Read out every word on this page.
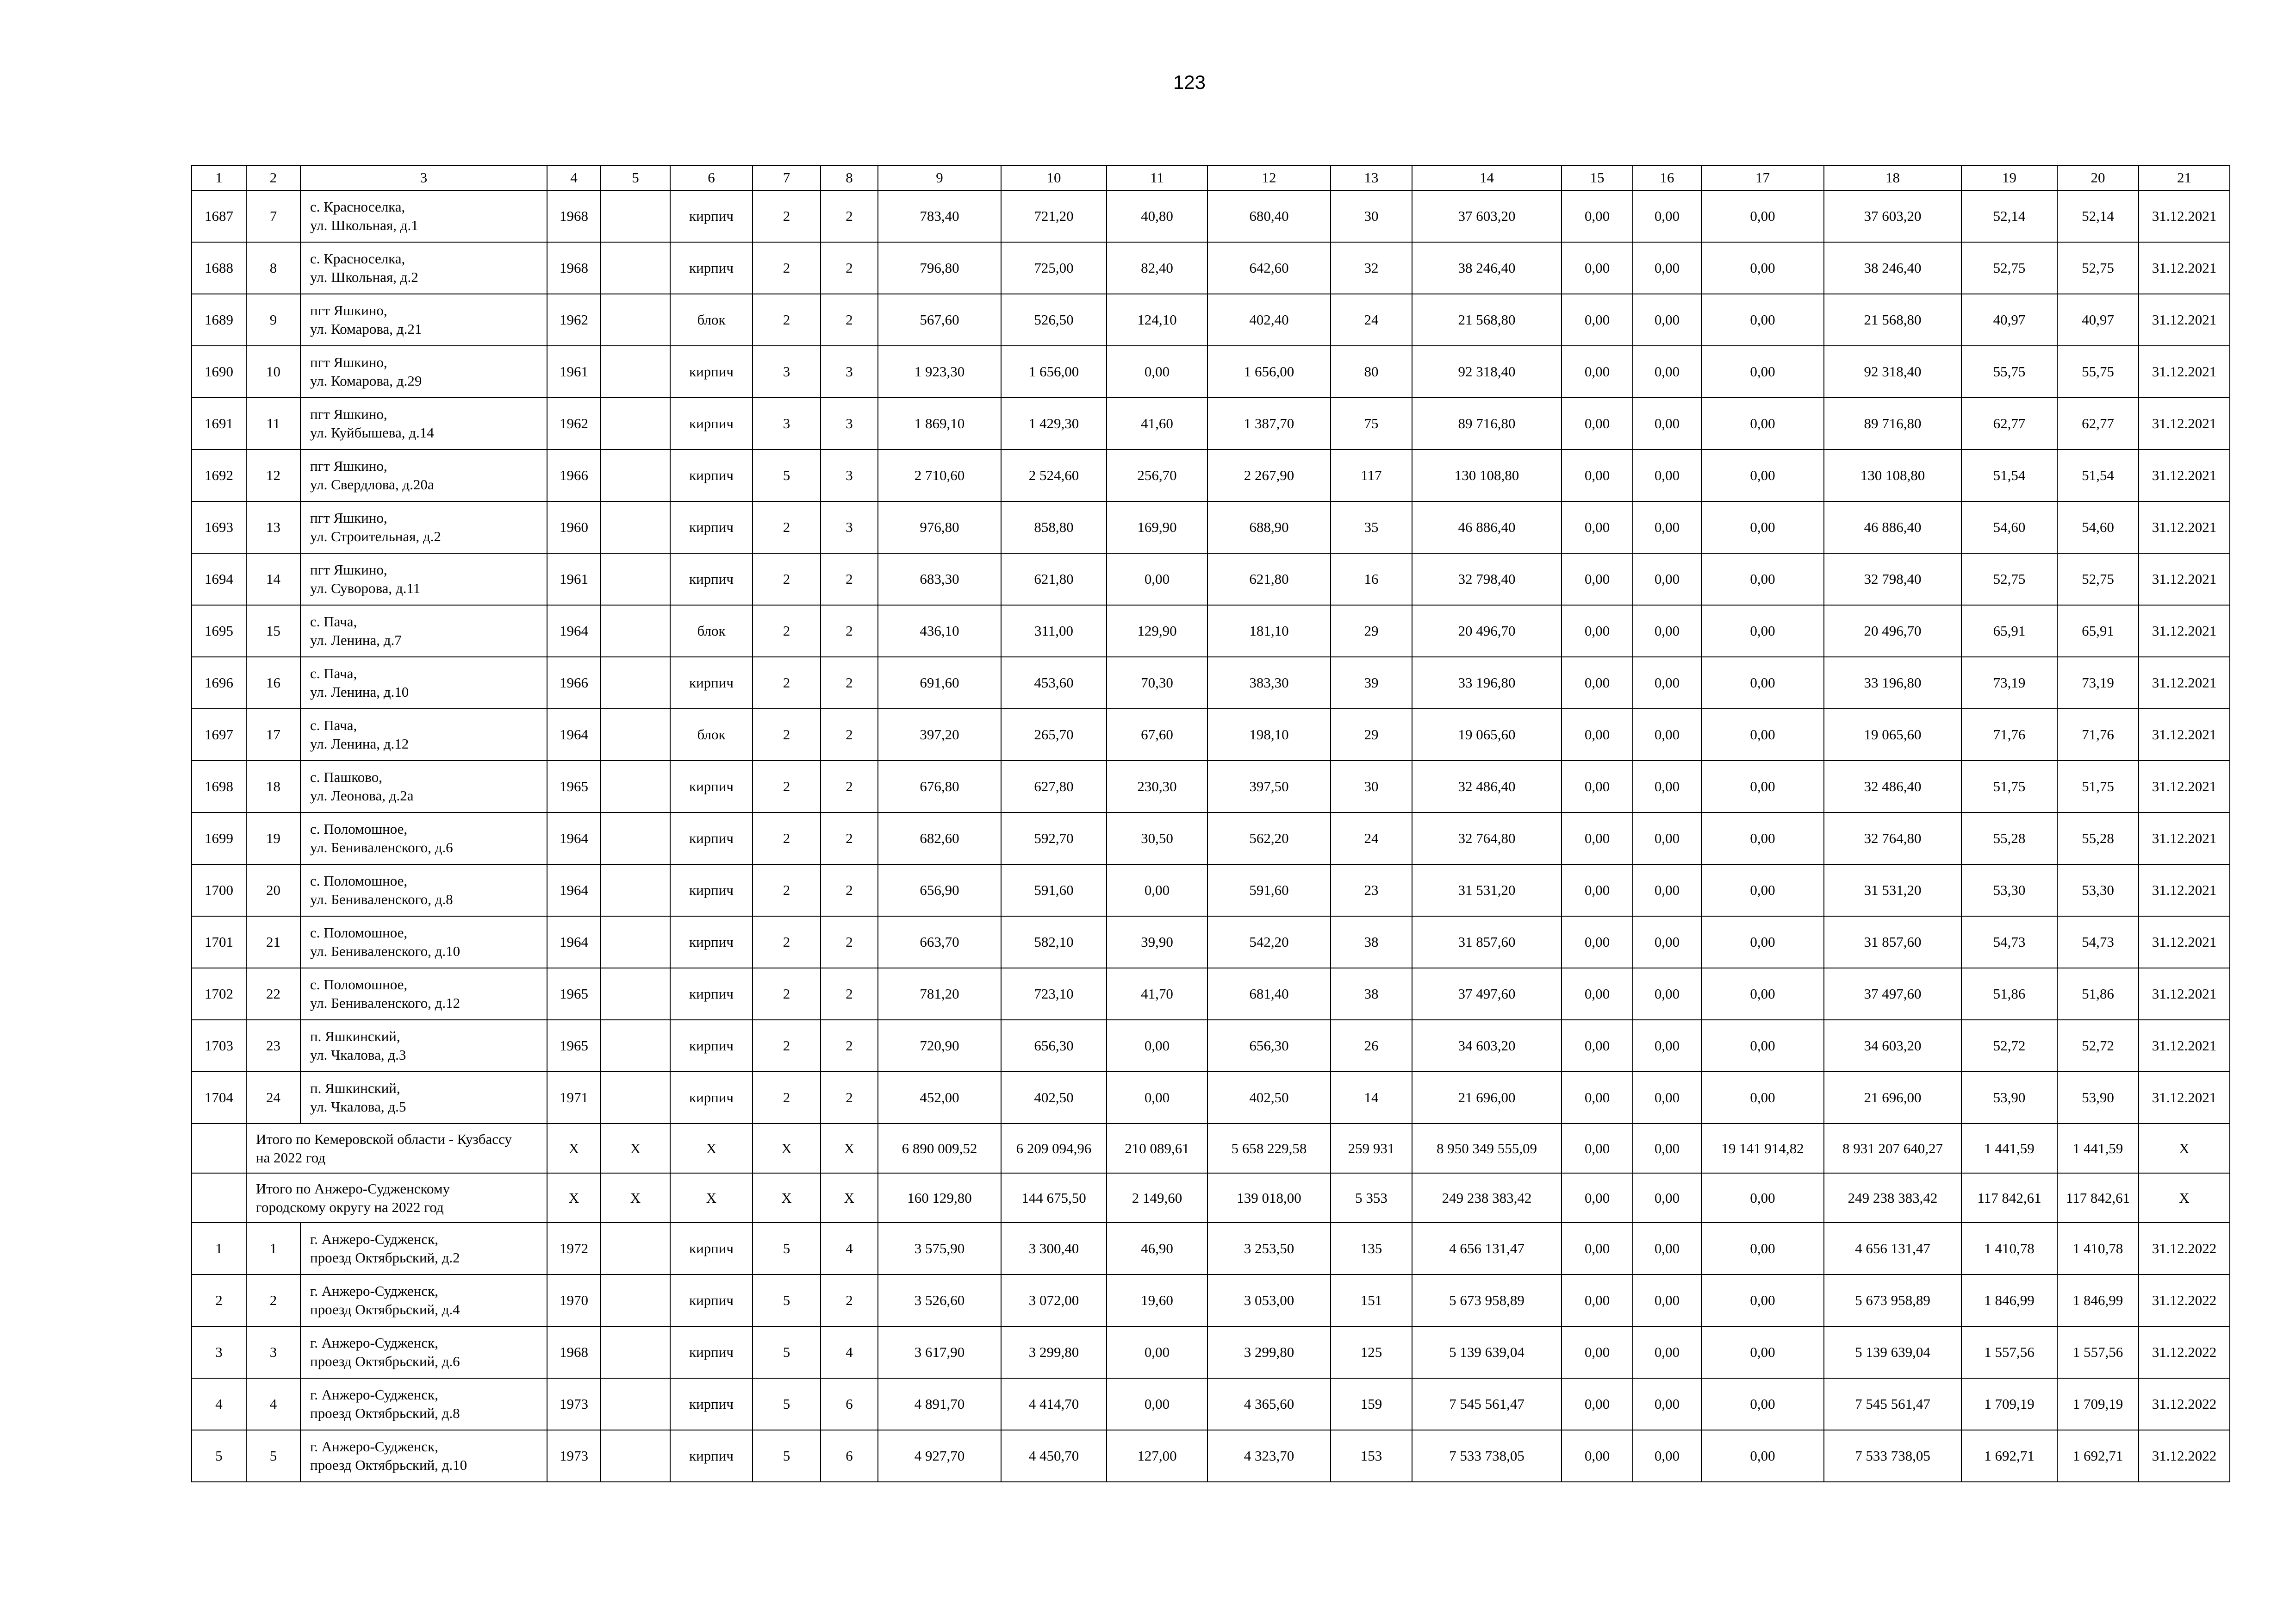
123
1	2	3	4	5	6	7	8	9	10	11	12	13	14	15	16	17	18	19	20	21
1687	7	с. Красноселка,
ул. Школьная, д.1	1968		кирпич	2	2	783,40	721,20	40,80	680,40	30	37 603,20	0,00	0,00	0,00	37 603,20	52,14	52,14	31.12.2021
1688	8	с. Красноселка,
ул. Школьная, д.2	1968		кирпич	2	2	796,80	725,00	82,40	642,60	32	38 246,40	0,00	0,00	0,00	38 246,40	52,75	52,75	31.12.2021
1689	9	пгт Яшкино,
ул. Комарова, д.21	1962		блок	2	2	567,60	526,50	124,10	402,40	24	21 568,80	0,00	0,00	0,00	21 568,80	40,97	40,97	31.12.2021
1690	10	пгт Яшкино,
ул. Комарова, д.29	1961		кирпич	3	3	1 923,30	1 656,00	0,00	1 656,00	80	92 318,40	0,00	0,00	0,00	92 318,40	55,75	55,75	31.12.2021
1691	11	пгт Яшкино,
ул. Куйбышева, д.14	1962		кирпич	3	3	1 869,10	1 429,30	41,60	1 387,70	75	89 716,80	0,00	0,00	0,00	89 716,80	62,77	62,77	31.12.2021
1692	12	пгт Яшкино,
ул. Свердлова, д.20а	1966		кирпич	5	3	2 710,60	2 524,60	256,70	2 267,90	117	130 108,80	0,00	0,00	0,00	130 108,80	51,54	51,54	31.12.2021
1693	13	пгт Яшкино,
ул. Строительная, д.2	1960		кирпич	2	3	976,80	858,80	169,90	688,90	35	46 886,40	0,00	0,00	0,00	46 886,40	54,60	54,60	31.12.2021
1694	14	пгт Яшкино,
ул. Суворова, д.11	1961		кирпич	2	2	683,30	621,80	0,00	621,80	16	32 798,40	0,00	0,00	0,00	32 798,40	52,75	52,75	31.12.2021
1695	15	с. Пача,
ул. Ленина, д.7	1964		блок	2	2	436,10	311,00	129,90	181,10	29	20 496,70	0,00	0,00	0,00	20 496,70	65,91	65,91	31.12.2021
1696	16	с. Пача,
ул. Ленина, д.10	1966		кирпич	2	2	691,60	453,60	70,30	383,30	39	33 196,80	0,00	0,00	0,00	33 196,80	73,19	73,19	31.12.2021
1697	17	с. Пача,
ул. Ленина, д.12	1964		блок	2	2	397,20	265,70	67,60	198,10	29	19 065,60	0,00	0,00	0,00	19 065,60	71,76	71,76	31.12.2021
1698	18	с. Пашково,
ул. Леонова, д.2а	1965		кирпич	2	2	676,80	627,80	230,30	397,50	30	32 486,40	0,00	0,00	0,00	32 486,40	51,75	51,75	31.12.2021
1699	19	с. Поломошное,
ул. Бениваленского, д.6	1964		кирпич	2	2	682,60	592,70	30,50	562,20	24	32 764,80	0,00	0,00	0,00	32 764,80	55,28	55,28	31.12.2021
1700	20	с. Поломошное,
ул. Бениваленского, д.8	1964		кирпич	2	2	656,90	591,60	0,00	591,60	23	31 531,20	0,00	0,00	0,00	31 531,20	53,30	53,30	31.12.2021
1701	21	с. Поломошное,
ул. Бениваленского, д.10	1964		кирпич	2	2	663,70	582,10	39,90	542,20	38	31 857,60	0,00	0,00	0,00	31 857,60	54,73	54,73	31.12.2021
1702	22	с. Поломошное,
ул. Бениваленского, д.12	1965		кирпич	2	2	781,20	723,10	41,70	681,40	38	37 497,60	0,00	0,00	0,00	37 497,60	51,86	51,86	31.12.2021
1703	23	п. Яшкинский,
ул. Чкалова, д.3	1965		кирпич	2	2	720,90	656,30	0,00	656,30	26	34 603,20	0,00	0,00	0,00	34 603,20	52,72	52,72	31.12.2021
1704	24	п. Яшкинский,
ул. Чкалова, д.5	1971		кирпич	2	2	452,00	402,50	0,00	402,50	14	21 696,00	0,00	0,00	0,00	21 696,00	53,90	53,90	31.12.2021
	Итого по Кемеровской области - Кузбассу
на 2022 год		X	X	X	X	X	6 890 009,52	6 209 094,96	210 089,61	5 658 229,58	259 931	8 950 349 555,09	0,00	0,00	19 141 914,82	8 931 207 640,27	1 441,59	1 441,59	X
	Итого по Анжеро-Судженскому
городскому округу на 2022 год		X	X	X	X	X	160 129,80	144 675,50	2 149,60	139 018,00	5 353	249 238 383,42	0,00	0,00	0,00	249 238 383,42	117 842,61	117 842,61	X
1	1	г. Анжеро-Судженск,
проезд Октябрьский, д.2	1972		кирпич	5	4	3 575,90	3 300,40	46,90	3 253,50	135	4 656 131,47	0,00	0,00	0,00	4 656 131,47	1 410,78	1 410,78	31.12.2022
2	2	г. Анжеро-Судженск,
проезд Октябрьский, д.4	1970		кирпич	5	2	3 526,60	3 072,00	19,60	3 053,00	151	5 673 958,89	0,00	0,00	0,00	5 673 958,89	1 846,99	1 846,99	31.12.2022
3	3	г. Анжеро-Судженск,
проезд Октябрьский, д.6	1968		кирпич	5	4	3 617,90	3 299,80	0,00	3 299,80	125	5 139 639,04	0,00	0,00	0,00	5 139 639,04	1 557,56	1 557,56	31.12.2022
4	4	г. Анжеро-Судженск,
проезд Октябрьский, д.8	1973		кирпич	5	6	4 891,70	4 414,70	0,00	4 365,60	159	7 545 561,47	0,00	0,00	0,00	7 545 561,47	1 709,19	1 709,19	31.12.2022
5	5	г. Анжеро-Судженск,
проезд Октябрьский, д.10	1973		кирпич	5	6	4 927,70	4 450,70	127,00	4 323,70	153	7 533 738,05	0,00	0,00	0,00	7 533 738,05	1 692,71	1 692,71	31.12.2022
